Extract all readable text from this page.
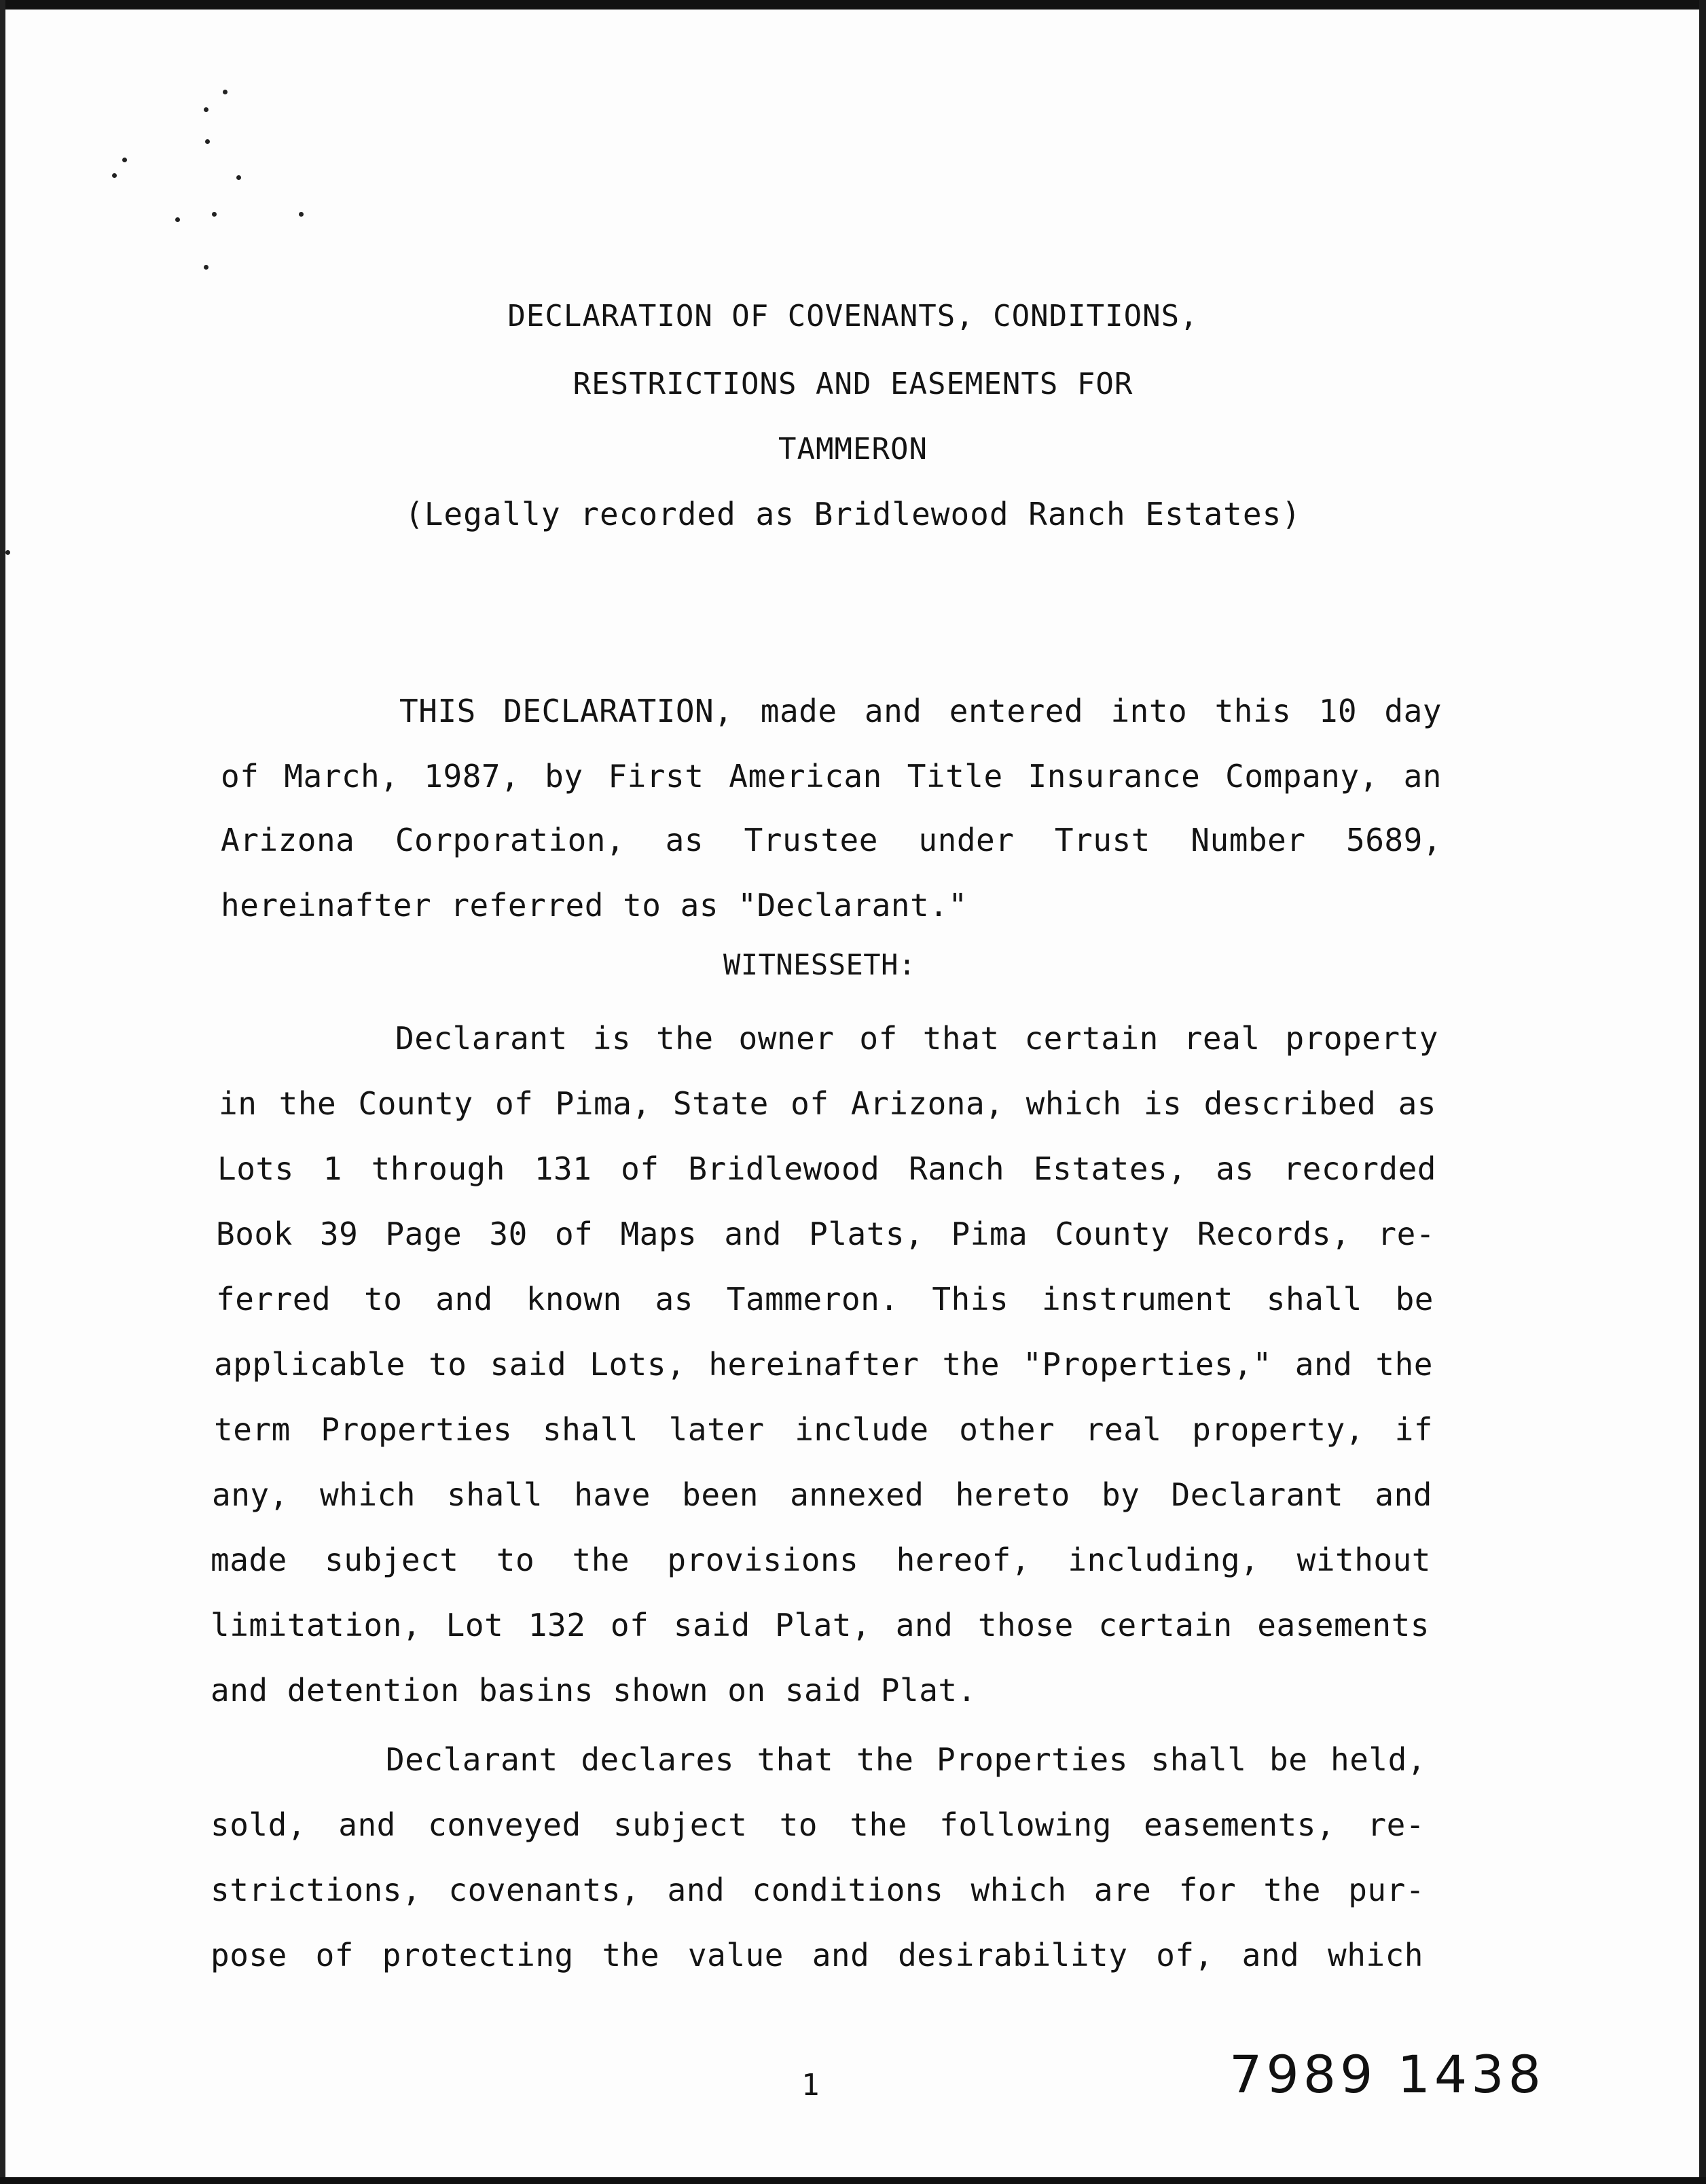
DECLARATION OF COVENANTS, CONDITIONS,
RESTRICTIONS AND EASEMENTS FOR
TAMMERON
(Legally recorded as Bridlewood Ranch Estates)
THIS DECLARATION, made and entered into this 10 day
of March, 1987, by First American Title Insurance Company, an
Arizona Corporation, as Trustee under Trust Number 5689,
hereinafter referred to as "Declarant."
WITNESSETH:
Declarant is the owner of that certain real property
in the County of Pima, State of Arizona, which is described as
Lots 1 through 131 of Bridlewood Ranch Estates, as recorded
Book 39 Page 30 of Maps and Plats, Pima County Records, re-
ferred to and known as Tammeron. This instrument shall be
applicable to said Lots, hereinafter the "Properties," and the
term Properties shall later include other real property, if
any, which shall have been annexed hereto by Declarant and
made subject to the provisions hereof, including, without
limitation, Lot 132 of said Plat, and those certain easements
and detention basins shown on said Plat.
Declarant declares that the Properties shall be held,
sold, and conveyed subject to the following easements, re-
strictions, covenants, and conditions which are for the pur-
pose of protecting the value and desirability of, and which
1	7989 1438
